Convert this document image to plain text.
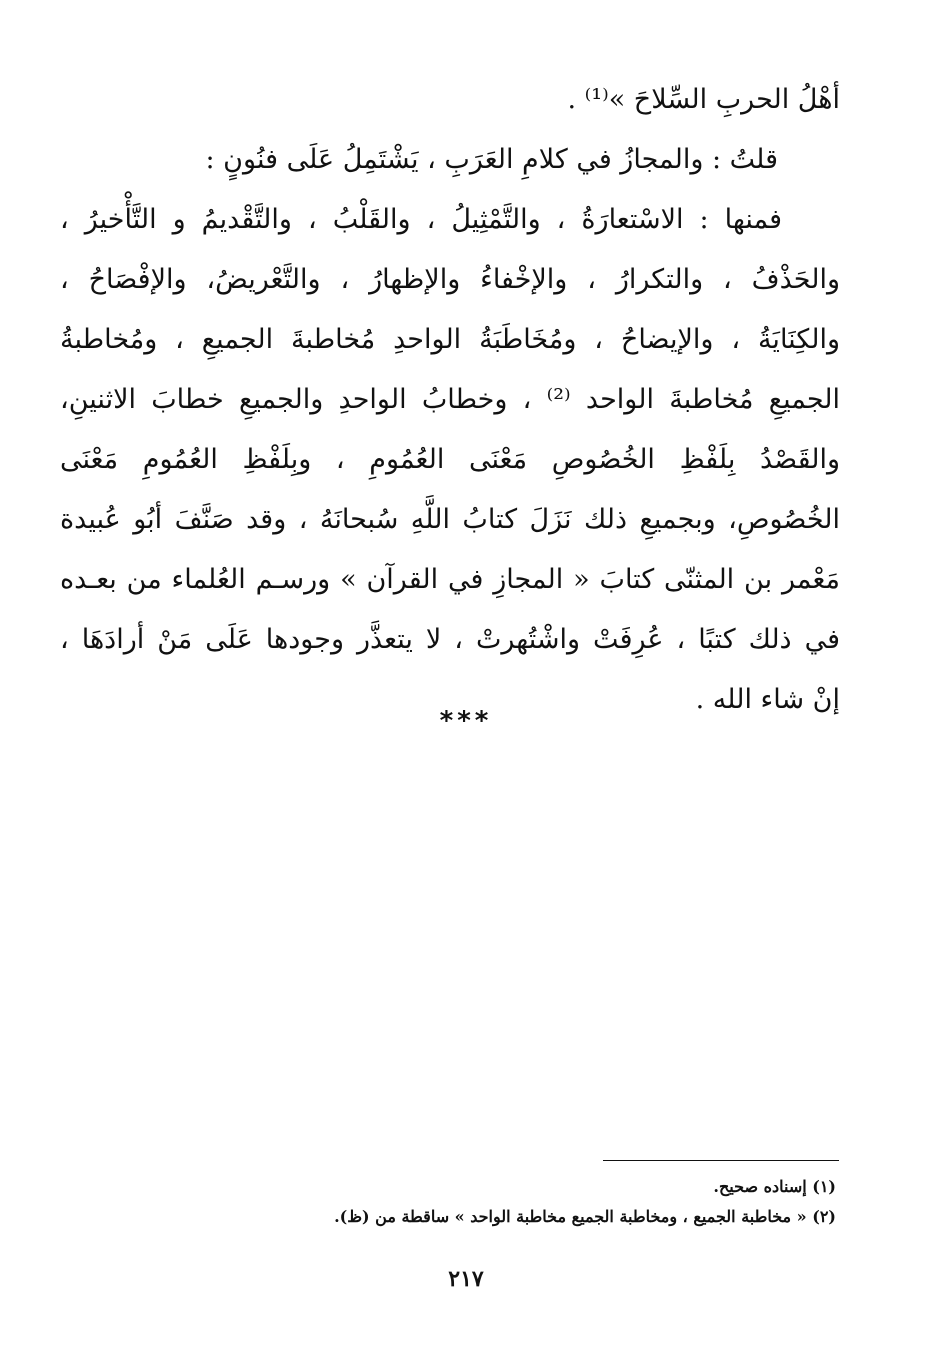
أهْلُ الحربِ السِّلاحَ »⁽¹⁾ .
قلتُ : والمجازُ في كلامِ العَرَبِ ، يَشْتَمِلُ عَلَى فنُونٍ :
فمنها : الاسْتعارَةُ ، والتَّمْثِيلُ ، والقَلْبُ ، والتَّقْديمُ و التَّأْخيرُ ،
والحَذْفُ ، والتكرارُ ، والإخْفاءُ والإظهارُ ، والتَّعْريضُ، والإفْصَاحُ ،
والكِنَايَةُ ، والإيضاحُ ، ومُخَاطَبَةُ الواحدِ مُخاطبةَ الجميعِ ، ومُخاطبةُ
الجميعِ مُخاطبةَ الواحد ⁽²⁾ ، وخطابُ الواحدِ والجميعِ خطابَ الاثنينِ،
والقَصْدُ بِلَفْظِ الخُصُوصِ مَعْنَى العُمُومِ ، وبِلَفْظِ العُمُومِ مَعْنَى
الخُصُوصِ، وبجميعِ ذلك نَزَلَ كتابُ اللَّهِ سُبحانَهُ ، وقد صَنَّفَ أبُو عُبيدة
مَعْمر بن المثنّى كتابَ « المجازِ في القرآن » ورسـم العُلماء من بعـده
في ذلك كتبًا ، عُرِفَتْ واشْتُهرتْ ، لا يتعذَّر وجودها عَلَى مَنْ أرادَهَا ،
إنْ شاء الله .
***
(١) إسناده صحيح.
(٢) « مخاطبة الجميع ، ومخاطبة الجميع مخاطبة الواحد » ساقطة من (ظ).
٢١٧
